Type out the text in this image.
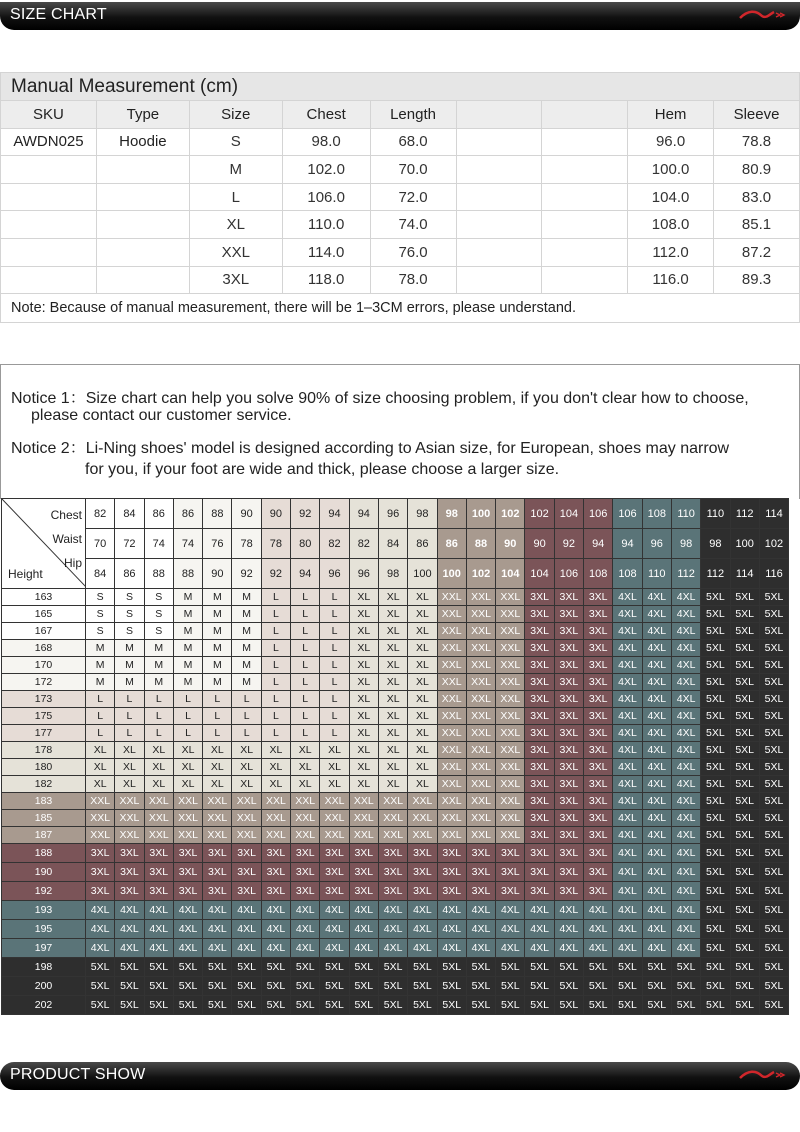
SIZE CHART
Manual Measurement (cm)								
SKU	Type	Size	Chest	Length			Hem	Sleeve
AWDN025	Hoodie	S	98.0	68.0			96.0	78.8
		M	102.0	70.0			100.0	80.9
		L	106.0	72.0			104.0	83.0
		XL	110.0	74.0			108.0	85.1
		XXL	114.0	76.0			112.0	87.2
		3XL	118.0	78.0			116.0	89.3
Note: Because of manual measurement, there will be 1–3CM errors, please understand.								
Notice 1：Size chart can help you solve 90% of size choosing problem, if you don't clear how to choose,
please contact our customer service.
Notice 2：Li-Ning shoes' model is designed according to Asian size, for European, shoes may narrow
for you, if your foot are wide and thick, please choose a larger size.
Chest
Waist
Hip
Height	82	84	86	86	88	90	90	92	94	94	96	98	98	100	102	102	104	106	106	108	110	110	112	114
	70	72	74	74	76	78	78	80	82	82	84	86	86	88	90	90	92	94	94	96	98	98	100	102
	84	86	88	88	90	92	92	94	96	96	98	100	100	102	104	104	106	108	108	110	112	112	114	116
163	S	S	S	M	M	M	L	L	L	XL	XL	XL	XXL	XXL	XXL	3XL	3XL	3XL	4XL	4XL	4XL	5XL	5XL	5XL
165	S	S	S	M	M	M	L	L	L	XL	XL	XL	XXL	XXL	XXL	3XL	3XL	3XL	4XL	4XL	4XL	5XL	5XL	5XL
167	S	S	S	M	M	M	L	L	L	XL	XL	XL	XXL	XXL	XXL	3XL	3XL	3XL	4XL	4XL	4XL	5XL	5XL	5XL
168	M	M	M	M	M	M	L	L	L	XL	XL	XL	XXL	XXL	XXL	3XL	3XL	3XL	4XL	4XL	4XL	5XL	5XL	5XL
170	M	M	M	M	M	M	L	L	L	XL	XL	XL	XXL	XXL	XXL	3XL	3XL	3XL	4XL	4XL	4XL	5XL	5XL	5XL
172	M	M	M	M	M	M	L	L	L	XL	XL	XL	XXL	XXL	XXL	3XL	3XL	3XL	4XL	4XL	4XL	5XL	5XL	5XL
173	L	L	L	L	L	L	L	L	L	XL	XL	XL	XXL	XXL	XXL	3XL	3XL	3XL	4XL	4XL	4XL	5XL	5XL	5XL
175	L	L	L	L	L	L	L	L	L	XL	XL	XL	XXL	XXL	XXL	3XL	3XL	3XL	4XL	4XL	4XL	5XL	5XL	5XL
177	L	L	L	L	L	L	L	L	L	XL	XL	XL	XXL	XXL	XXL	3XL	3XL	3XL	4XL	4XL	4XL	5XL	5XL	5XL
178	XL	XL	XL	XL	XL	XL	XL	XL	XL	XL	XL	XL	XXL	XXL	XXL	3XL	3XL	3XL	4XL	4XL	4XL	5XL	5XL	5XL
180	XL	XL	XL	XL	XL	XL	XL	XL	XL	XL	XL	XL	XXL	XXL	XXL	3XL	3XL	3XL	4XL	4XL	4XL	5XL	5XL	5XL
182	XL	XL	XL	XL	XL	XL	XL	XL	XL	XL	XL	XL	XXL	XXL	XXL	3XL	3XL	3XL	4XL	4XL	4XL	5XL	5XL	5XL
183	XXL	XXL	XXL	XXL	XXL	XXL	XXL	XXL	XXL	XXL	XXL	XXL	XXL	XXL	XXL	3XL	3XL	3XL	4XL	4XL	4XL	5XL	5XL	5XL
185	XXL	XXL	XXL	XXL	XXL	XXL	XXL	XXL	XXL	XXL	XXL	XXL	XXL	XXL	XXL	3XL	3XL	3XL	4XL	4XL	4XL	5XL	5XL	5XL
187	XXL	XXL	XXL	XXL	XXL	XXL	XXL	XXL	XXL	XXL	XXL	XXL	XXL	XXL	XXL	3XL	3XL	3XL	4XL	4XL	4XL	5XL	5XL	5XL
188	3XL	3XL	3XL	3XL	3XL	3XL	3XL	3XL	3XL	3XL	3XL	3XL	3XL	3XL	3XL	3XL	3XL	3XL	4XL	4XL	4XL	5XL	5XL	5XL
190	3XL	3XL	3XL	3XL	3XL	3XL	3XL	3XL	3XL	3XL	3XL	3XL	3XL	3XL	3XL	3XL	3XL	3XL	4XL	4XL	4XL	5XL	5XL	5XL
192	3XL	3XL	3XL	3XL	3XL	3XL	3XL	3XL	3XL	3XL	3XL	3XL	3XL	3XL	3XL	3XL	3XL	3XL	4XL	4XL	4XL	5XL	5XL	5XL
193	4XL	4XL	4XL	4XL	4XL	4XL	4XL	4XL	4XL	4XL	4XL	4XL	4XL	4XL	4XL	4XL	4XL	4XL	4XL	4XL	4XL	5XL	5XL	5XL
195	4XL	4XL	4XL	4XL	4XL	4XL	4XL	4XL	4XL	4XL	4XL	4XL	4XL	4XL	4XL	4XL	4XL	4XL	4XL	4XL	4XL	5XL	5XL	5XL
197	4XL	4XL	4XL	4XL	4XL	4XL	4XL	4XL	4XL	4XL	4XL	4XL	4XL	4XL	4XL	4XL	4XL	4XL	4XL	4XL	4XL	5XL	5XL	5XL
198	5XL	5XL	5XL	5XL	5XL	5XL	5XL	5XL	5XL	5XL	5XL	5XL	5XL	5XL	5XL	5XL	5XL	5XL	5XL	5XL	5XL	5XL	5XL	5XL
200	5XL	5XL	5XL	5XL	5XL	5XL	5XL	5XL	5XL	5XL	5XL	5XL	5XL	5XL	5XL	5XL	5XL	5XL	5XL	5XL	5XL	5XL	5XL	5XL
202	5XL	5XL	5XL	5XL	5XL	5XL	5XL	5XL	5XL	5XL	5XL	5XL	5XL	5XL	5XL	5XL	5XL	5XL	5XL	5XL	5XL	5XL	5XL	5XL
PRODUCT SHOW
